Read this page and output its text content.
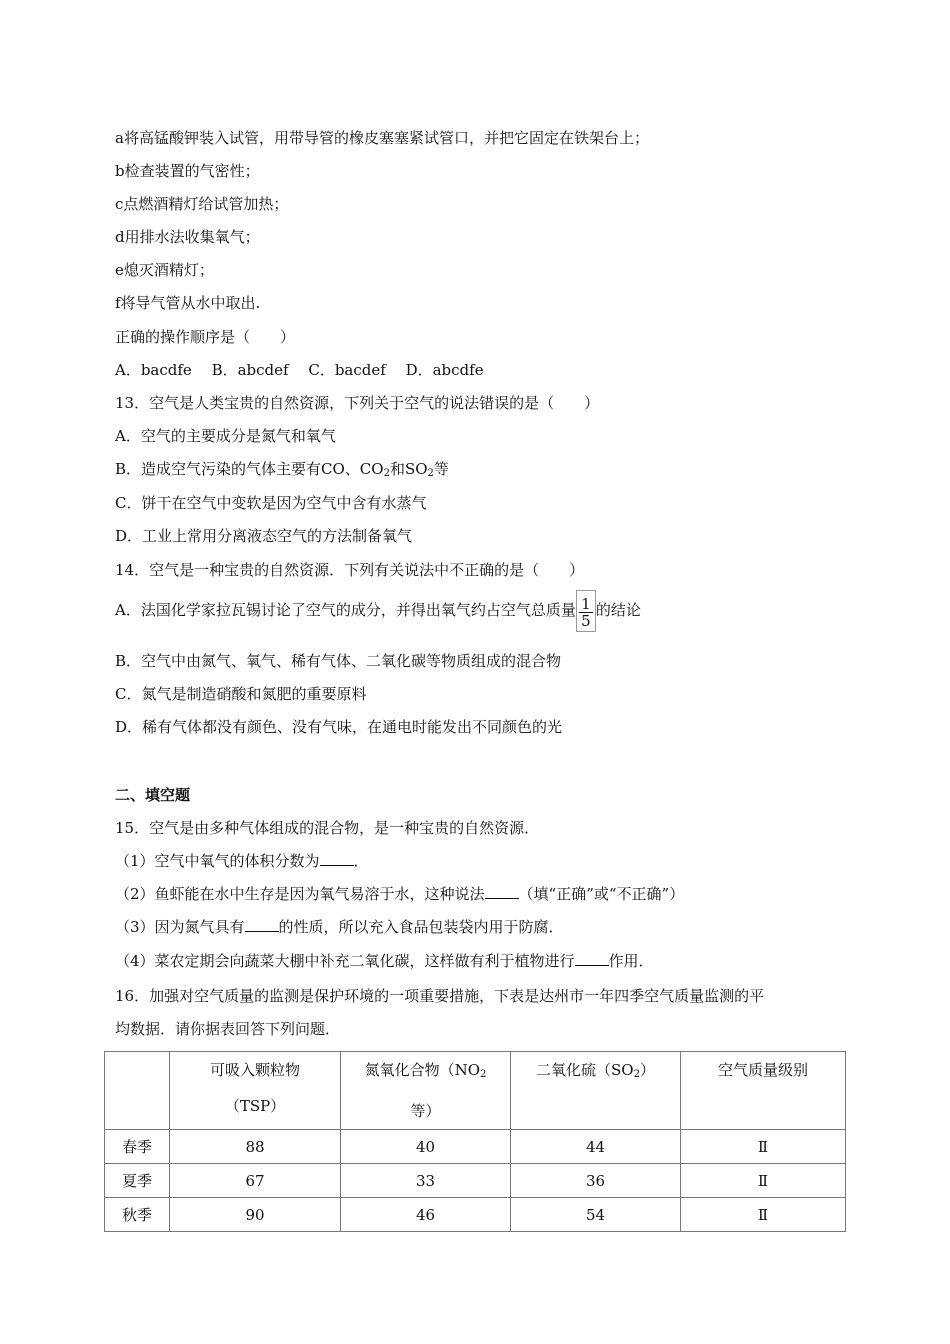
a将高锰酸钾装入试管，用带导管的橡皮塞塞紧试管口，并把它固定在铁架台上；
b检查装置的气密性；
c点燃酒精灯给试管加热；
d用排水法收集氧气；
e熄灭酒精灯；
f将导气管从水中取出.
正确的操作顺序是（　　）
A．bacdfe　 B．abcdef　 C．bacdef　 D．abcdfe
13．空气是人类宝贵的自然资源，下列关于空气的说法错误的是（　　）
A．空气的主要成分是氮气和氧气
B．造成空气污染的气体主要有CO、$CO_2$和$SO_2$等
C．饼干在空气中变软是因为空气中含有水蒸气
D．工业上常用分离液态空气的方法制备氧气
14．空气是一种宝贵的自然资源．下列有关说法中不正确的是（　　）
A．法国化学家拉瓦锡讨论了空气的成分，并得出氧气约占空气总质量 $\frac{1}{5}$ 的结论
B．空气中由氮气、氧气、稀有气体、二氧化碳等物质组成的混合物
C．氮气是制造硝酸和氮肥的重要原料
D．稀有气体都没有颜色、没有气味，在通电时能发出不同颜色的光
二、填空题
15．空气是由多种气体组成的混合物，是一种宝贵的自然资源．
（1）空气中氧气的体积分数为 ．
（2）鱼虾能在水中生存是因为氧气易溶于水，这种说法 （填“正确”或“不正确”）
（3）因为氮气具有 的性质，所以充入食品包装袋内用于防腐．
（4）菜农定期会向蔬菜大棚中补充二氧化碳，这样做有利于植物进行 作用．
16．加强对空气质量的监测是保护环境的一项重要措施，下表是达州市一年四季空气质量监测的平
均数据．请你据表回答下列问题．
	可吸入颗粒物
（TSP）	氮氧化合物（$NO_2$
等）	二氧化硫$(SO_2)$	空气质量级别
春季	88	40	44	Ⅱ
夏季	67	33	36	Ⅱ
秋季	90	46	54	Ⅱ
